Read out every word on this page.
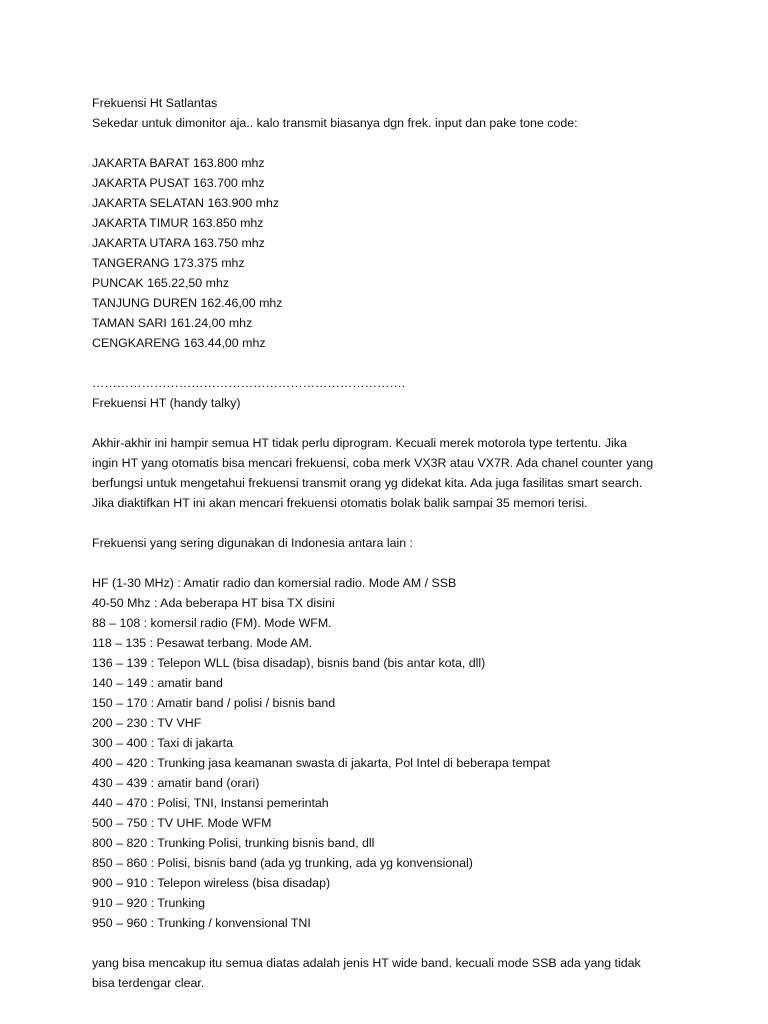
Frekuensi Ht Satlantas
Sekedar untuk dimonitor aja.. kalo transmit biasanya dgn frek. input dan pake tone code:
JAKARTA BARAT 163.800 mhz
JAKARTA PUSAT 163.700 mhz
JAKARTA SELATAN 163.900 mhz
JAKARTA TIMUR 163.850 mhz
JAKARTA UTARA 163.750 mhz
TANGERANG 173.375 mhz
PUNCAK 165.22,50 mhz
TANJUNG DUREN 162.46,00 mhz
TAMAN SARI 161.24,00 mhz
CENGKARENG 163.44,00 mhz
………………………………………………………………….
Frekuensi HT (handy talky)
Akhir-akhir ini hampir semua HT tidak perlu diprogram. Kecuali merek motorola type tertentu. Jika
ingin HT yang otomatis bisa mencari frekuensi, coba merk VX3R atau VX7R. Ada chanel counter yang
berfungsi untuk mengetahui frekuensi transmit orang yg didekat kita. Ada juga fasilitas smart search.
Jika diaktifkan HT ini akan mencari frekuensi otomatis bolak balik sampai 35 memori terisi.
Frekuensi yang sering digunakan di Indonesia antara lain :
HF (1-30 MHz) : Amatir radio dan komersial radio. Mode AM / SSB
40-50 Mhz : Ada beberapa HT bisa TX disini
88 – 108 : komersil radio (FM). Mode WFM.
118 – 135 : Pesawat terbang. Mode AM.
136 – 139 : Telepon WLL (bisa disadap), bisnis band (bis antar kota, dll)
140 – 149 : amatir band
150 – 170 : Amatir band / polisi / bisnis band
200 – 230 : TV VHF
300 – 400 : Taxi di jakarta
400 – 420 : Trunking jasa keamanan swasta di jakarta, Pol Intel di beberapa tempat
430 – 439 : amatir band (orari)
440 – 470 : Polisi, TNI, Instansi pemerintah
500 – 750 : TV UHF. Mode WFM
800 – 820 : Trunking Polisi, trunking bisnis band, dll
850 – 860 : Polisi, bisnis band (ada yg trunking, ada yg konvensional)
900 – 910 : Telepon wireless (bisa disadap)
910 – 920 : Trunking
950 – 960 : Trunking / konvensional TNI
yang bisa mencakup itu semua diatas adalah jenis HT wide band. kecuali mode SSB ada yang tidak
bisa terdengar clear.
